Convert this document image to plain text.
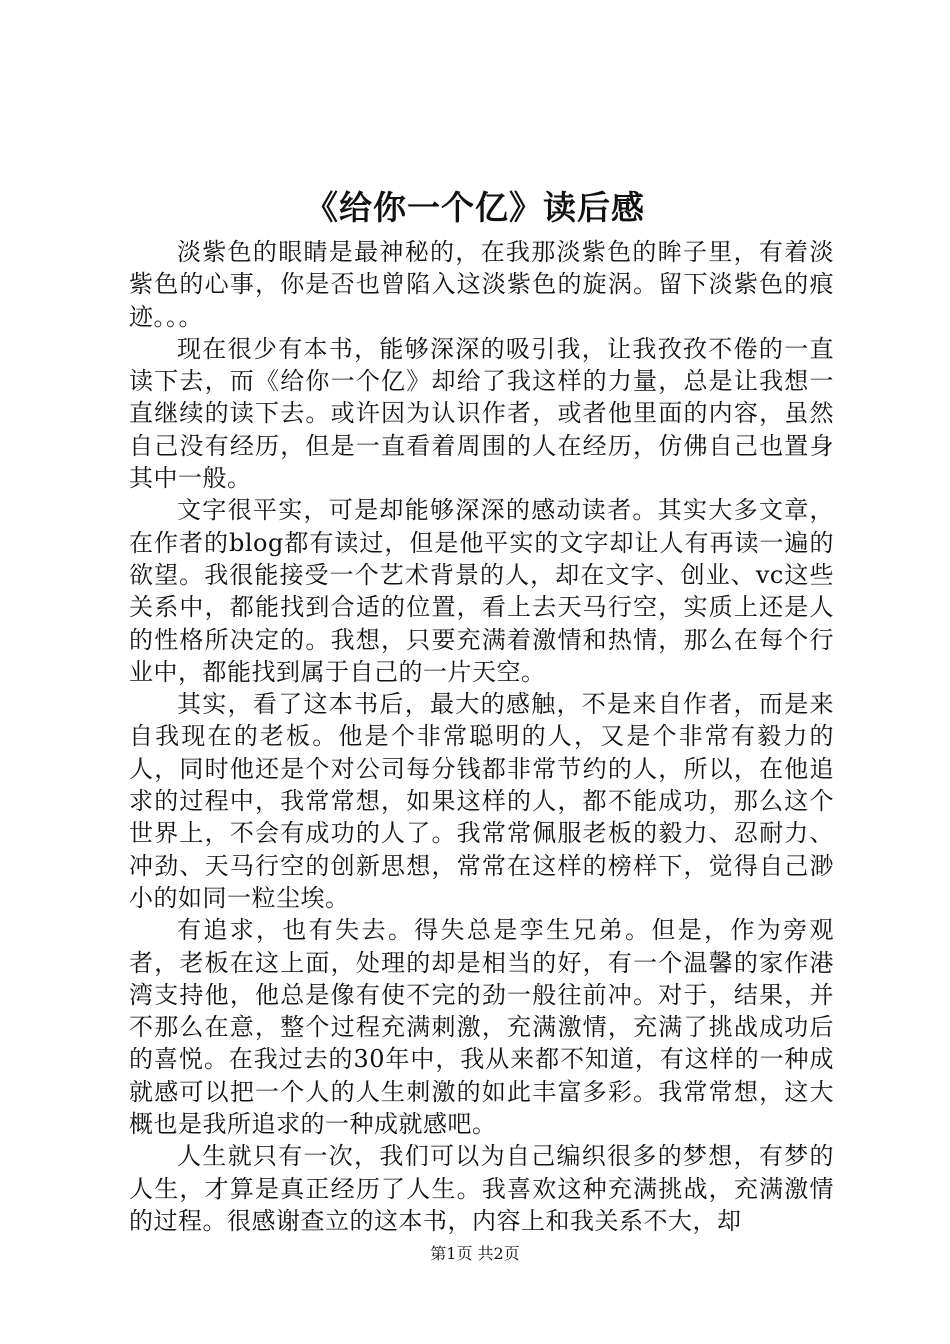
《给你一个亿》读后感

淡紫色的眼睛是最神秘的，在我那淡紫色的眸子里，有着淡紫色的心事，你是否也曾陷入这淡紫色的旋涡。留下淡紫色的痕迹。。。

现在很少有本书，能够深深的吸引我，让我孜孜不倦的一直读下去，而《给你一个亿》却给了我这样的力量，总是让我想一直继续的读下去。或许因为认识作者，或者他里面的内容，虽然自己没有经历，但是一直看着周围的人在经历，仿佛自己也置身其中一般。

文字很平实，可是却能够深深的感动读者。其实大多文章，在作者的blog都有读过，但是他平实的文字却让人有再读一遍的欲望。我很能接受一个艺术背景的人，却在文字、创业、vc这些关系中，都能找到合适的位置，看上去天马行空，实质上还是人的性格所决定的。我想，只要充满着激情和热情，那么在每个行业中，都能找到属于自己的一片天空。

其实，看了这本书后，最大的感触，不是来自作者，而是来自我现在的老板。他是个非常聪明的人，又是个非常有毅力的人，同时他还是个对公司每分钱都非常节约的人，所以，在他追求的过程中，我常常想，如果这样的人，都不能成功，那么这个世界上，不会有成功的人了。我常常佩服老板的毅力、忍耐力、冲劲、天马行空的创新思想，常常在这样的榜样下，觉得自己渺小的如同一粒尘埃。

有追求，也有失去。得失总是孪生兄弟。但是，作为旁观者，老板在这上面，处理的却是相当的好，有一个温馨的家作港湾支持他，他总是像有使不完的劲一般往前冲。对于，结果，并不那么在意，整个过程充满刺激，充满激情，充满了挑战成功后的喜悦。在我过去的30年中，我从来都不知道，有这样的一种成就感可以把一个人的人生刺激的如此丰富多彩。我常常想，这大概也是我所追求的一种成就感吧。

人生就只有一次，我们可以为自己编织很多的梦想，有梦的人生，才算是真正经历了人生。我喜欢这种充满挑战，充满激情的过程。很感谢查立的这本书，内容上和我关系不大，却

第1页 共2页
